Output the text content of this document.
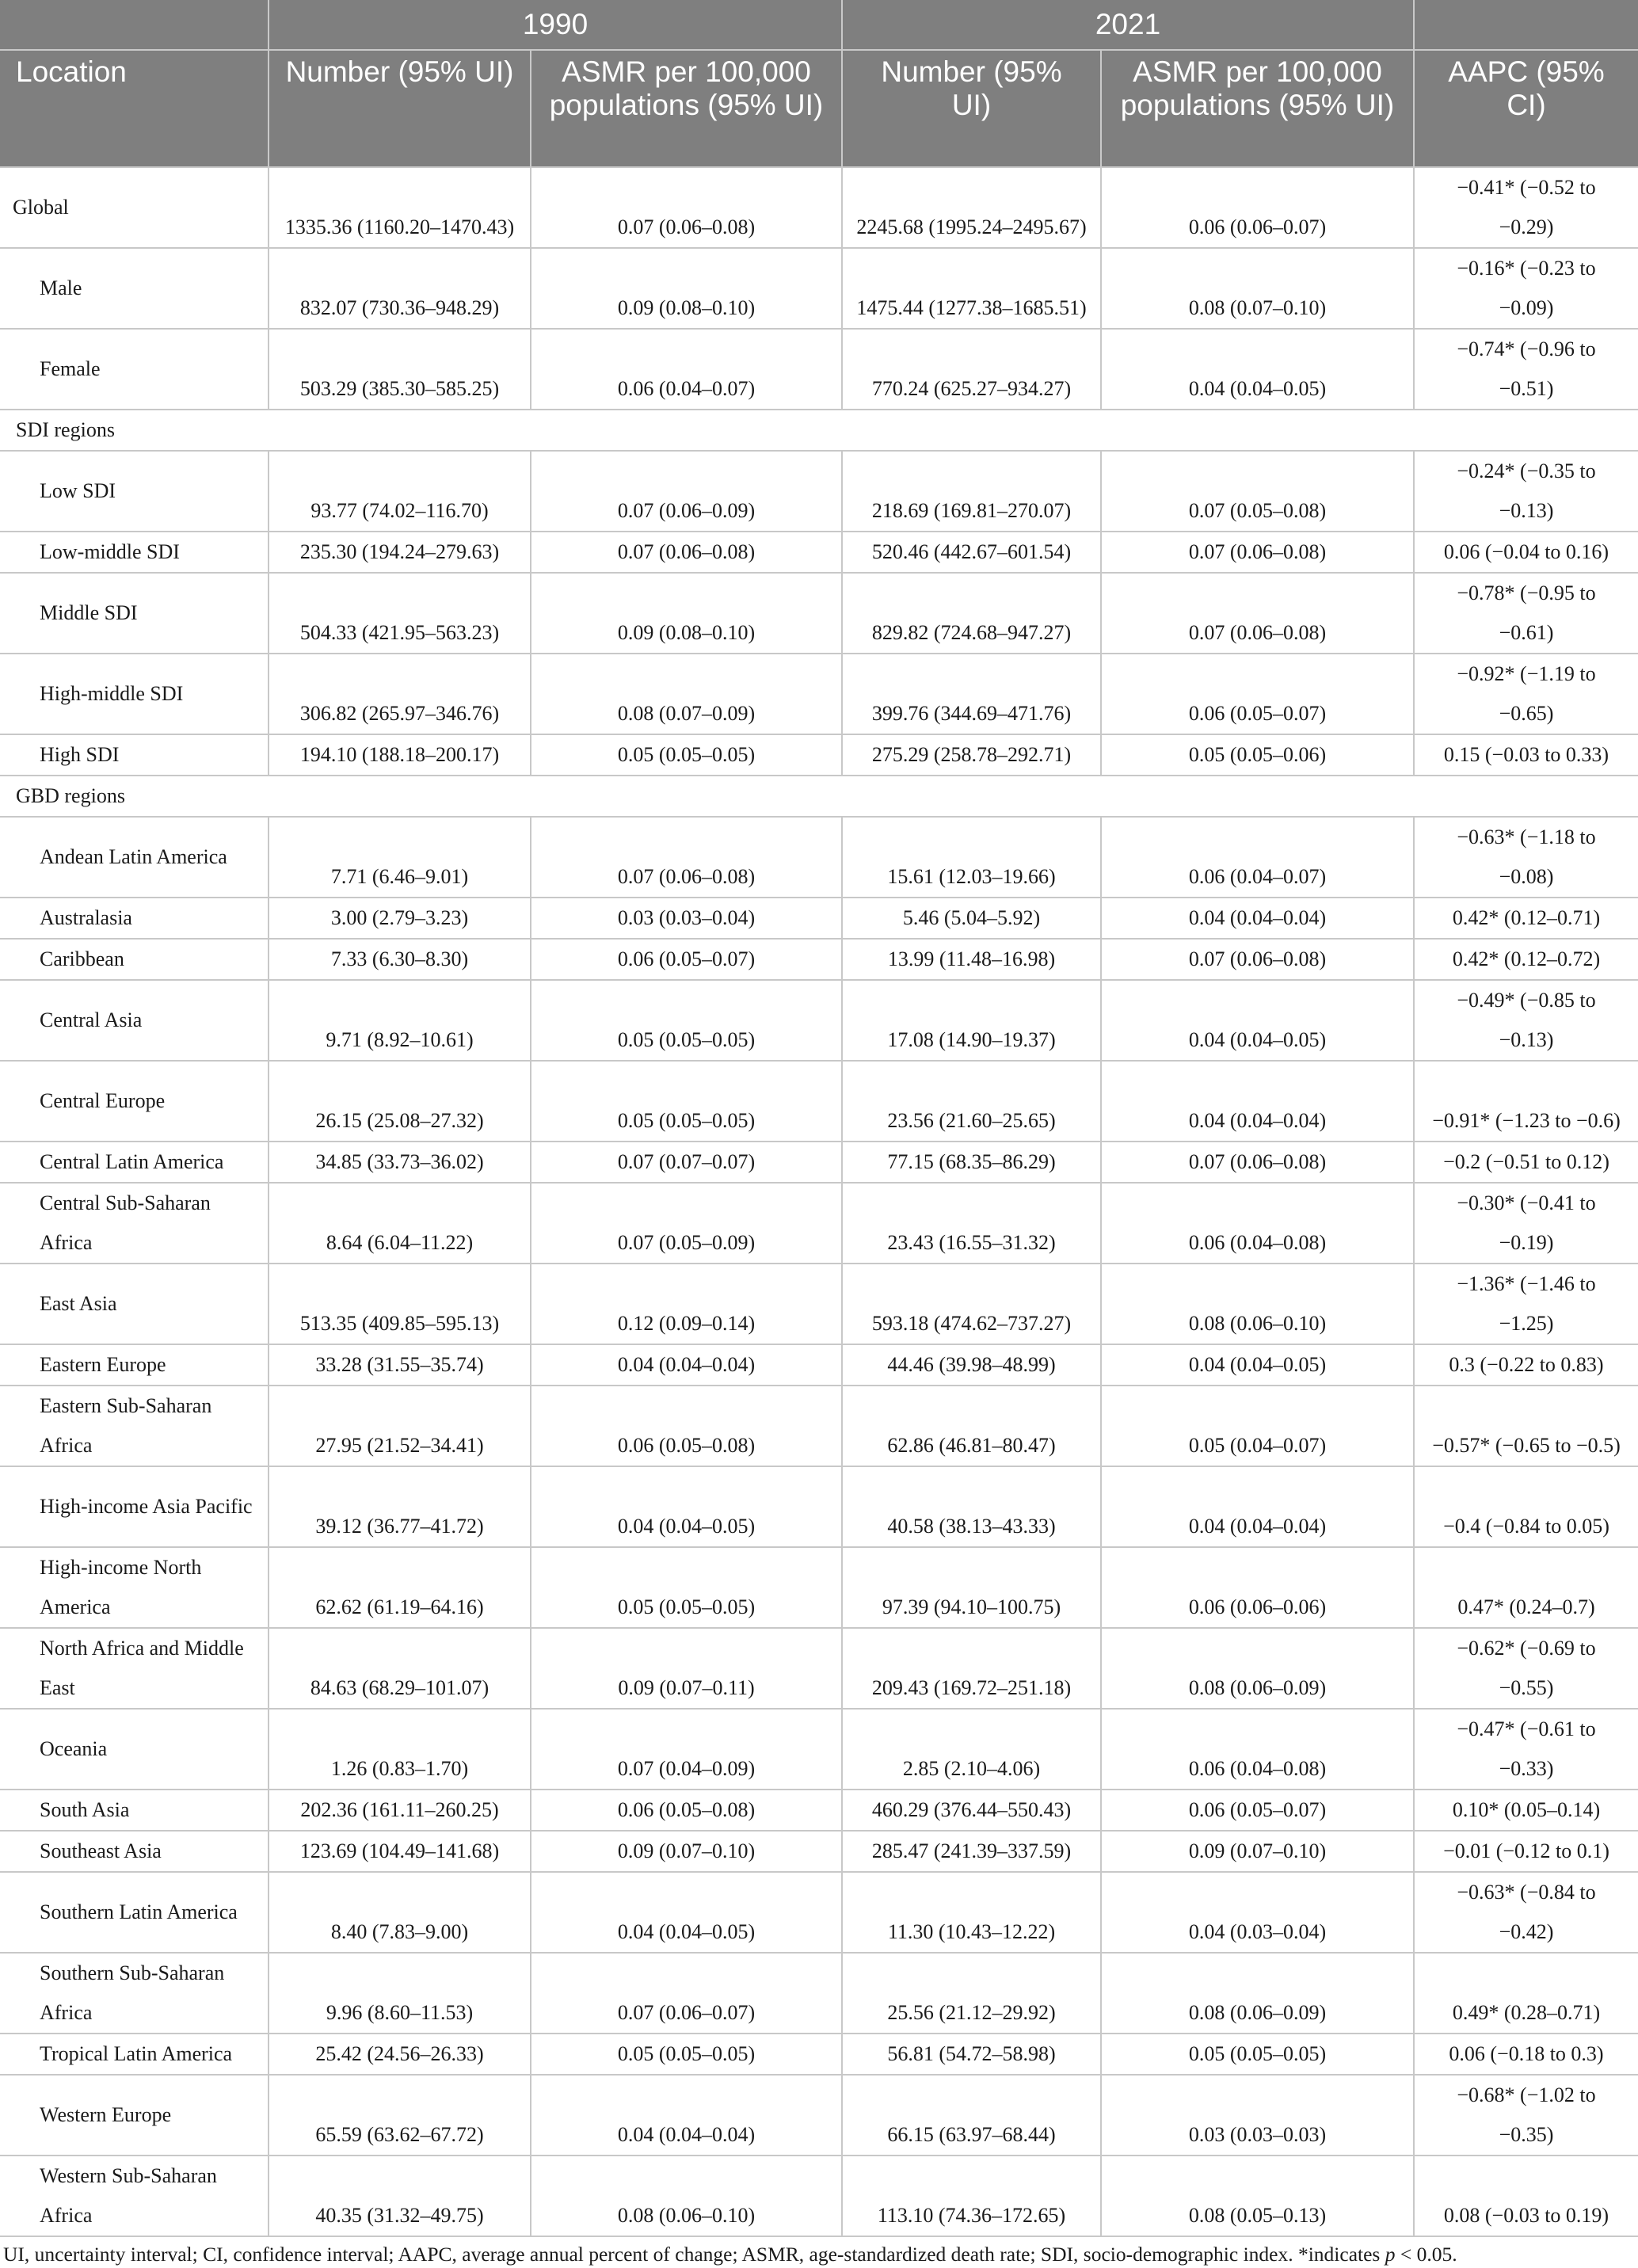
	1990		2021		
Location	Number (95% UI)	ASMR per 100,000 populations (95% UI)	Number (95% UI)	ASMR per 100,000 populations (95% UI)	AAPC (95% CI)
Global	1335.36 (1160.20–1470.43)	0.07 (0.06–0.08)	2245.68 (1995.24–2495.67)	0.06 (0.06–0.07)	−0.41* (−0.52 to −0.29)
Male	832.07 (730.36–948.29)	0.09 (0.08–0.10)	1475.44 (1277.38–1685.51)	0.08 (0.07–0.10)	−0.16* (−0.23 to −0.09)
Female	503.29 (385.30–585.25)	0.06 (0.04–0.07)	770.24 (625.27–934.27)	0.04 (0.04–0.05)	−0.74* (−0.96 to −0.51)
SDI regions					
Low SDI	93.77 (74.02–116.70)	0.07 (0.06–0.09)	218.69 (169.81–270.07)	0.07 (0.05–0.08)	−0.24* (−0.35 to −0.13)
Low-middle SDI	235.30 (194.24–279.63)	0.07 (0.06–0.08)	520.46 (442.67–601.54)	0.07 (0.06–0.08)	0.06 (−0.04 to 0.16)
Middle SDI	504.33 (421.95–563.23)	0.09 (0.08–0.10)	829.82 (724.68–947.27)	0.07 (0.06–0.08)	−0.78* (−0.95 to −0.61)
High-middle SDI	306.82 (265.97–346.76)	0.08 (0.07–0.09)	399.76 (344.69–471.76)	0.06 (0.05–0.07)	−0.92* (−1.19 to −0.65)
High SDI	194.10 (188.18–200.17)	0.05 (0.05–0.05)	275.29 (258.78–292.71)	0.05 (0.05–0.06)	0.15 (−0.03 to 0.33)
GBD regions					
Andean Latin America	7.71 (6.46–9.01)	0.07 (0.06–0.08)	15.61 (12.03–19.66)	0.06 (0.04–0.07)	−0.63* (−1.18 to −0.08)
Australasia	3.00 (2.79–3.23)	0.03 (0.03–0.04)	5.46 (5.04–5.92)	0.04 (0.04–0.04)	0.42* (0.12–0.71)
Caribbean	7.33 (6.30–8.30)	0.06 (0.05–0.07)	13.99 (11.48–16.98)	0.07 (0.06–0.08)	0.42* (0.12–0.72)
Central Asia	9.71 (8.92–10.61)	0.05 (0.05–0.05)	17.08 (14.90–19.37)	0.04 (0.04–0.05)	−0.49* (−0.85 to −0.13)
Central Europe	26.15 (25.08–27.32)	0.05 (0.05–0.05)	23.56 (21.60–25.65)	0.04 (0.04–0.04)	−0.91* (−1.23 to −0.6)
Central Latin America	34.85 (33.73–36.02)	0.07 (0.07–0.07)	77.15 (68.35–86.29)	0.07 (0.06–0.08)	−0.2 (−0.51 to 0.12)
Central Sub-Saharan Africa	8.64 (6.04–11.22)	0.07 (0.05–0.09)	23.43 (16.55–31.32)	0.06 (0.04–0.08)	−0.30* (−0.41 to −0.19)
East Asia	513.35 (409.85–595.13)	0.12 (0.09–0.14)	593.18 (474.62–737.27)	0.08 (0.06–0.10)	−1.36* (−1.46 to −1.25)
Eastern Europe	33.28 (31.55–35.74)	0.04 (0.04–0.04)	44.46 (39.98–48.99)	0.04 (0.04–0.05)	0.3 (−0.22 to 0.83)
Eastern Sub-Saharan Africa	27.95 (21.52–34.41)	0.06 (0.05–0.08)	62.86 (46.81–80.47)	0.05 (0.04–0.07)	−0.57* (−0.65 to −0.5)
High-income Asia Pacific	39.12 (36.77–41.72)	0.04 (0.04–0.05)	40.58 (38.13–43.33)	0.04 (0.04–0.04)	−0.4 (−0.84 to 0.05)
High-income North America	62.62 (61.19–64.16)	0.05 (0.05–0.05)	97.39 (94.10–100.75)	0.06 (0.06–0.06)	0.47* (0.24–0.7)
North Africa and Middle East	84.63 (68.29–101.07)	0.09 (0.07–0.11)	209.43 (169.72–251.18)	0.08 (0.06–0.09)	−0.62* (−0.69 to −0.55)
Oceania	1.26 (0.83–1.70)	0.07 (0.04–0.09)	2.85 (2.10–4.06)	0.06 (0.04–0.08)	−0.47* (−0.61 to −0.33)
South Asia	202.36 (161.11–260.25)	0.06 (0.05–0.08)	460.29 (376.44–550.43)	0.06 (0.05–0.07)	0.10* (0.05–0.14)
Southeast Asia	123.69 (104.49–141.68)	0.09 (0.07–0.10)	285.47 (241.39–337.59)	0.09 (0.07–0.10)	−0.01 (−0.12 to 0.1)
Southern Latin America	8.40 (7.83–9.00)	0.04 (0.04–0.05)	11.30 (10.43–12.22)	0.04 (0.03–0.04)	−0.63* (−0.84 to −0.42)
Southern Sub-Saharan Africa	9.96 (8.60–11.53)	0.07 (0.06–0.07)	25.56 (21.12–29.92)	0.08 (0.06–0.09)	0.49* (0.28–0.71)
Tropical Latin America	25.42 (24.56–26.33)	0.05 (0.05–0.05)	56.81 (54.72–58.98)	0.05 (0.05–0.05)	0.06 (−0.18 to 0.3)
Western Europe	65.59 (63.62–67.72)	0.04 (0.04–0.04)	66.15 (63.97–68.44)	0.03 (0.03–0.03)	−0.68* (−1.02 to −0.35)
Western Sub-Saharan Africa	40.35 (31.32–49.75)	0.08 (0.06–0.10)	113.10 (74.36–172.65)	0.08 (0.05–0.13)	0.08 (−0.03 to 0.19)
UI, uncertainty interval; CI, confidence interval; AAPC, average annual percent of change; ASMR, age-standardized death rate; SDI, socio-demographic index. *indicates p < 0.05.
